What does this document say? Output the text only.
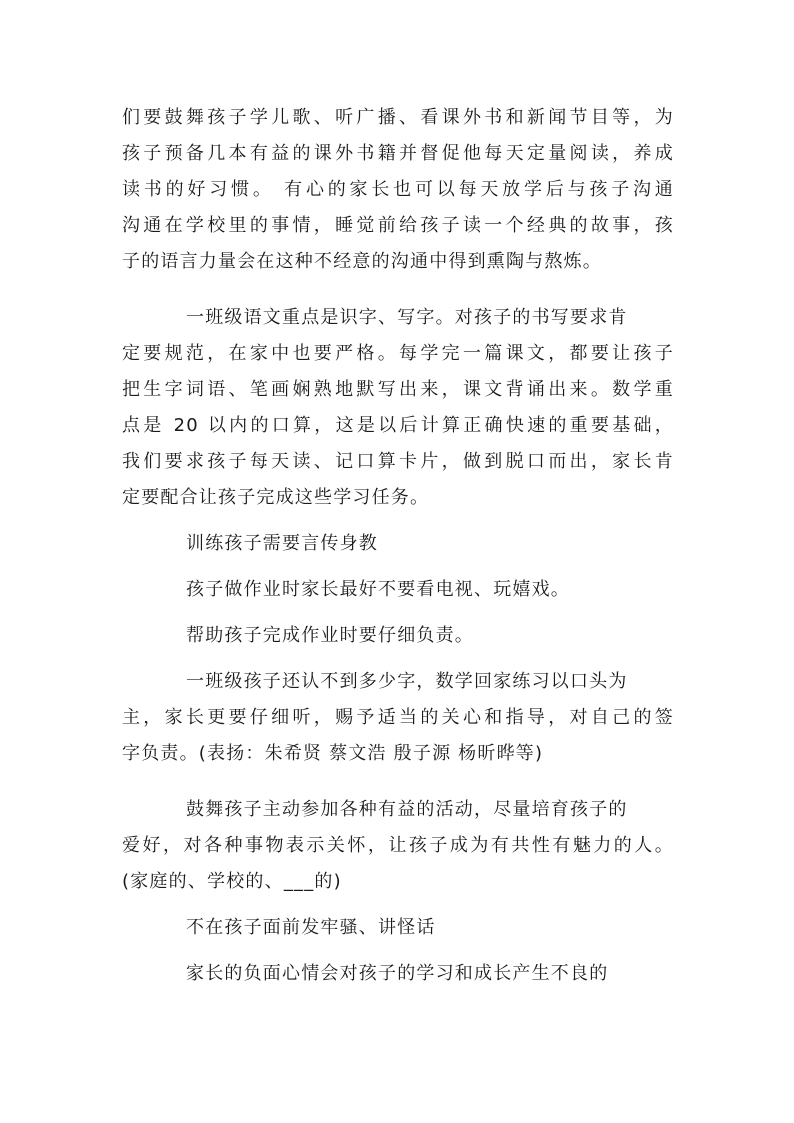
们要鼓舞孩子学儿歌、听广播、看课外书和新闻节目等，为
孩子预备几本有益的课外书籍并督促他每天定量阅读，养成
读书的好习惯。 有心的家长也可以每天放学后与孩子沟通
沟通在学校里的事情，睡觉前给孩子读一个经典的故事，孩
子的语言力量会在这种不经意的沟通中得到熏陶与熬炼。
一班级语文重点是识字、写字。对孩子的书写要求肯
定要规范，在家中也要严格。每学完一篇课文，都要让孩子
把生字词语、笔画娴熟地默写出来，课文背诵出来。数学重
点是 20 以内的口算，这是以后计算正确快速的重要基础，
我们要求孩子每天读、记口算卡片，做到脱口而出，家长肯
定要配合让孩子完成这些学习任务。
训练孩子需要言传身教
孩子做作业时家长最好不要看电视、玩嬉戏。
帮助孩子完成作业时要仔细负责。
一班级孩子还认不到多少字，数学回家练习以口头为
主，家长更要仔细听，赐予适当的关心和指导，对自己的签
字负责。(表扬：朱希贤 蔡文浩 殷子源 杨昕晔等)
鼓舞孩子主动参加各种有益的活动，尽量培育孩子的
爱好，对各种事物表示关怀，让孩子成为有共性有魅力的人。
(家庭的、学校的、___的)
不在孩子面前发牢骚、讲怪话
家长的负面心情会对孩子的学习和成长产生不良的
